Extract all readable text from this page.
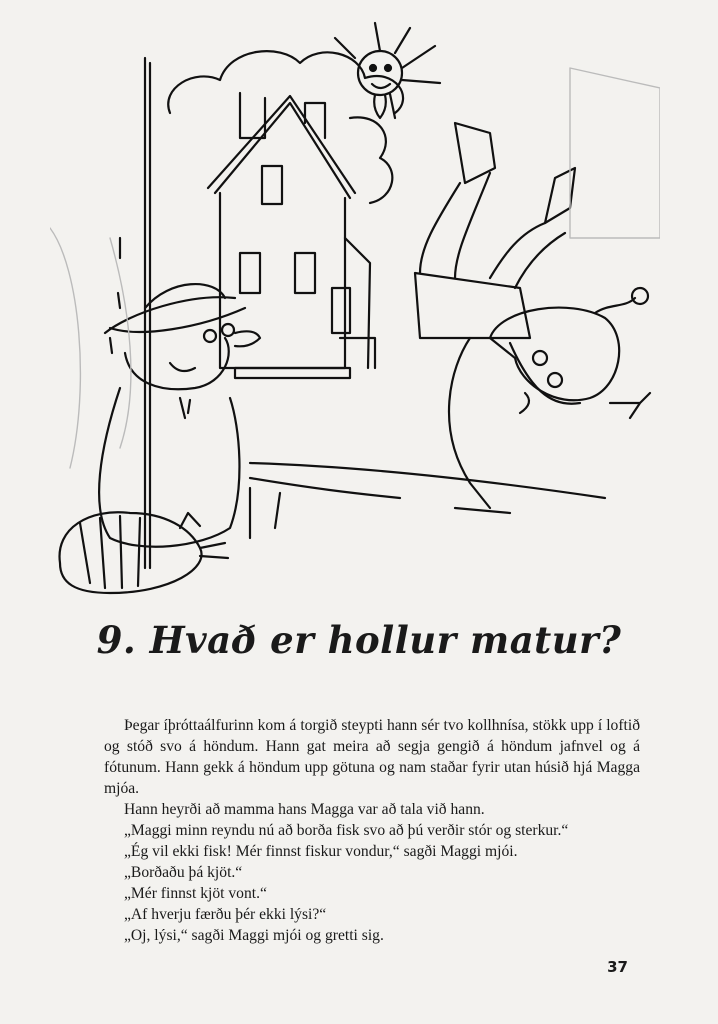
9. Hvað er hollur matur?

Þegar íþróttaálfurinn kom á torgið steypti hann sér tvo kollhnísa, stökk upp í loftið og stóð svo á höndum. Hann gat meira að segja gengið á höndum jafnvel og á fótunum. Hann gekk á höndum upp götuna og nam staðar fyrir utan húsið hjá Magga mjóa.

Hann heyrði að mamma hans Magga var að tala við hann.

„Maggi minn reyndu nú að borða fisk svo að þú verðir stór og sterkur.“

„Ég vil ekki fisk! Mér finnst fiskur vondur,“ sagði Maggi mjói.

„Borðaðu þá kjöt.“

„Mér finnst kjöt vont.“

„Af hverju færðu þér ekki lýsi?“

„Oj, lýsi,“ sagði Maggi mjói og gretti sig.

37
